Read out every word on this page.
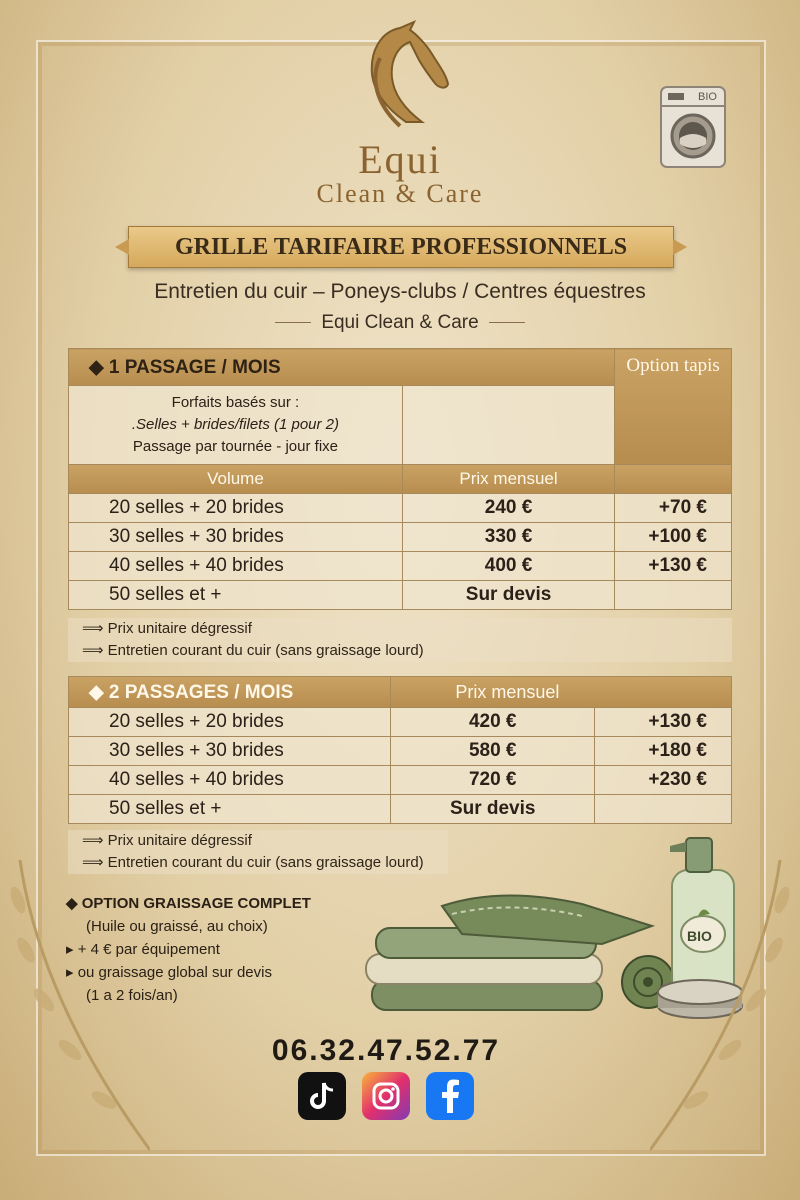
Equi
Clean & Care
BIO
GRILLE TARIFAIRE PROFESSIONNELS
Entretien du cuir – Poneys-clubs / Centres équestres
Equi Clean & Care
◆ 1 PASSAGE / MOIS		Option tapis

Forfaits basés sur :
.Selles + brides/filets (1 pour 2)
Passage par tournée - jour fixe		

Volume	Prix mensuel	
20 selles + 20 brides	240 €	+70 €
30 selles + 30 brides	330 €	+100 €
40 selles + 40 brides	400 €	+130 €
50 selles et +	Sur devis	
⟹ Prix unitaire dégressif
⟹ Entretien courant du cuir (sans graissage lourd)
◆ 2 PASSAGES / MOIS	Prix mensuel	
20 selles + 20 brides	420 €	+130 €
30 selles + 30 brides	580 €	+180 €
40 selles + 40 brides	720 €	+230 €
50 selles et +	Sur devis	
⟹ Prix unitaire dégressif
⟹ Entretien courant du cuir (sans graissage lourd)
◆ OPTION GRAISSAGE COMPLET
(Huile ou graissé, au choix)
▸ + 4 € par équipement
▸ ou graissage global sur devis
(1 a 2 fois/an)
BIO
06.32.47.52.77
